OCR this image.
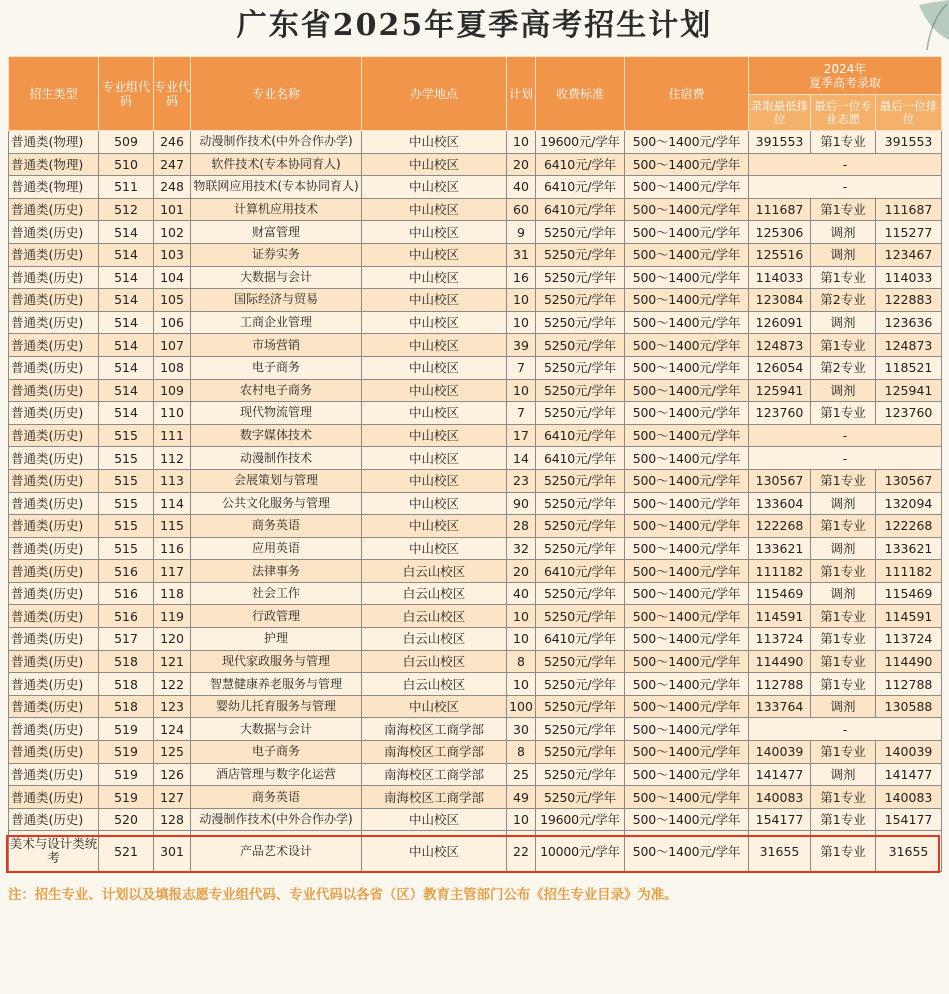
广东省2025年夏季高考招生计划
招生类型	专业组代码	专业代码	专业名称	办学地点	计划	收费标准	住宿费	2024年
夏季高考录取		

								录取最低排位	最后一位专业志愿	最后一位排位
普通类(物理)	509	246	动漫制作技术(中外合作办学)	中山校区	10	19600元/学年	500～1400元/学年	391553	第1专业	391553
普通类(物理)	510	247	软件技术(专本协同育人)	中山校区	20	6410元/学年	500～1400元/学年	-		
普通类(物理)	511	248	物联网应用技术(专本协同育人)	中山校区	40	6410元/学年	500～1400元/学年	-		
普通类(历史)	512	101	计算机应用技术	中山校区	60	6410元/学年	500～1400元/学年	111687	第1专业	111687
普通类(历史)	514	102	财富管理	中山校区	9	5250元/学年	500～1400元/学年	125306	调剂	115277
普通类(历史)	514	103	证券实务	中山校区	31	5250元/学年	500～1400元/学年	125516	调剂	123467
普通类(历史)	514	104	大数据与会计	中山校区	16	5250元/学年	500～1400元/学年	114033	第1专业	114033
普通类(历史)	514	105	国际经济与贸易	中山校区	10	5250元/学年	500～1400元/学年	123084	第2专业	122883
普通类(历史)	514	106	工商企业管理	中山校区	10	5250元/学年	500～1400元/学年	126091	调剂	123636
普通类(历史)	514	107	市场营销	中山校区	39	5250元/学年	500～1400元/学年	124873	第1专业	124873
普通类(历史)	514	108	电子商务	中山校区	7	5250元/学年	500～1400元/学年	126054	第2专业	118521
普通类(历史)	514	109	农村电子商务	中山校区	10	5250元/学年	500～1400元/学年	125941	调剂	125941
普通类(历史)	514	110	现代物流管理	中山校区	7	5250元/学年	500～1400元/学年	123760	第1专业	123760
普通类(历史)	515	111	数字媒体技术	中山校区	17	6410元/学年	500～1400元/学年	-		
普通类(历史)	515	112	动漫制作技术	中山校区	14	6410元/学年	500～1400元/学年	-		
普通类(历史)	515	113	会展策划与管理	中山校区	23	5250元/学年	500～1400元/学年	130567	第1专业	130567
普通类(历史)	515	114	公共文化服务与管理	中山校区	90	5250元/学年	500～1400元/学年	133604	调剂	132094
普通类(历史)	515	115	商务英语	中山校区	28	5250元/学年	500～1400元/学年	122268	第1专业	122268
普通类(历史)	515	116	应用英语	中山校区	32	5250元/学年	500～1400元/学年	133621	调剂	133621
普通类(历史)	516	117	法律事务	白云山校区	20	6410元/学年	500～1400元/学年	111182	第1专业	111182
普通类(历史)	516	118	社会工作	白云山校区	40	5250元/学年	500～1400元/学年	115469	调剂	115469
普通类(历史)	516	119	行政管理	白云山校区	10	5250元/学年	500～1400元/学年	114591	第1专业	114591
普通类(历史)	517	120	护理	白云山校区	10	6410元/学年	500～1400元/学年	113724	第1专业	113724
普通类(历史)	518	121	现代家政服务与管理	白云山校区	8	5250元/学年	500～1400元/学年	114490	第1专业	114490
普通类(历史)	518	122	智慧健康养老服务与管理	白云山校区	10	5250元/学年	500～1400元/学年	112788	第1专业	112788
普通类(历史)	518	123	婴幼儿托育服务与管理	中山校区	100	5250元/学年	500～1400元/学年	133764	调剂	130588
普通类(历史)	519	124	大数据与会计	南海校区工商学部	30	5250元/学年	500～1400元/学年	-		
普通类(历史)	519	125	电子商务	南海校区工商学部	8	5250元/学年	500～1400元/学年	140039	第1专业	140039
普通类(历史)	519	126	酒店管理与数字化运营	南海校区工商学部	25	5250元/学年	500～1400元/学年	141477	调剂	141477
普通类(历史)	519	127	商务英语	南海校区工商学部	49	5250元/学年	500～1400元/学年	140083	第1专业	140083
普通类(历史)	520	128	动漫制作技术(中外合作办学)	中山校区	10	19600元/学年	500～1400元/学年	154177	第1专业	154177
美术与设计类统考	521	301	产品艺术设计	中山校区	22	10000元/学年	500～1400元/学年	31655	第1专业	31655
注：招生专业、计划以及填报志愿专业组代码、专业代码以各省（区）教育主管部门公布《招生专业目录》为准。
